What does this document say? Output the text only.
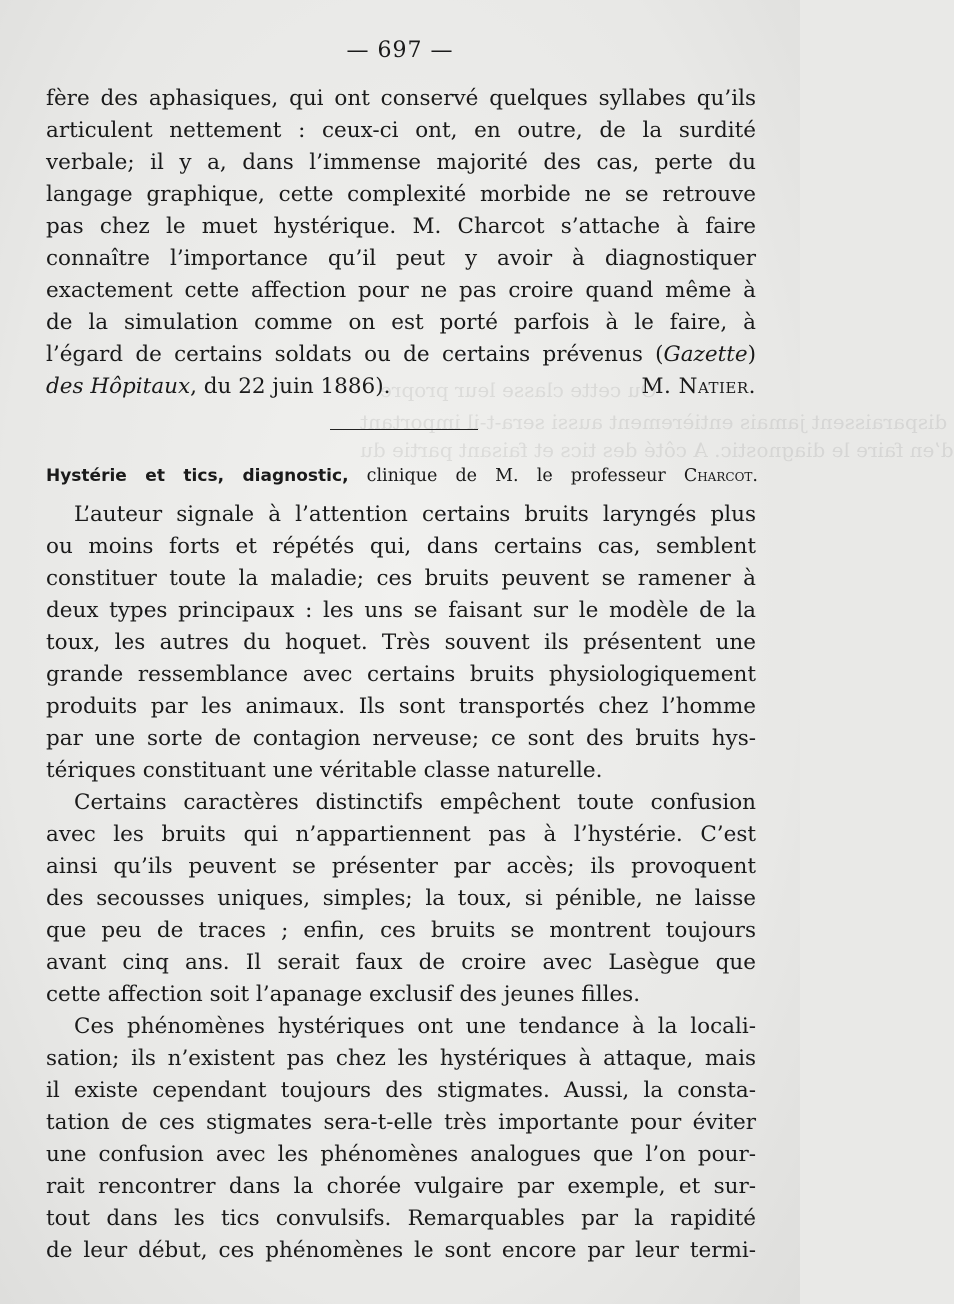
Ou cette classe leur propre
disparaissent jamais entièrement aussi sera-t-il important
d’en faire le diagnostic. A côté des tics et faisant partie du
— 697 —
fère des aphasiques, qui ont conservé quelques syllabes qu’ils
articulent nettement : ceux-ci ont, en outre, de la surdité
verbale; il y a, dans l’immense majorité des cas, perte du
langage graphique, cette complexité morbide ne se retrouve
pas chez le muet hystérique. M. Charcot s’attache à faire
connaître l’importance qu’il peut y avoir à diagnostiquer
exactement cette affection pour ne pas croire quand même à
de la simulation comme on est porté parfois à le faire, à
l’égard de certains soldats ou de certains prévenus (Gazette)
des Hôpitaux, du 22 juin 1886).	M. Natier.
Hystérie et tics, diagnostic, clinique de M. le professeur Charcot.
L’auteur signale à l’attention certains bruits laryngés plus
ou moins forts et répétés qui, dans certains cas, semblent
constituer toute la maladie; ces bruits peuvent se ramener à
deux types principaux : les uns se faisant sur le modèle de la
toux, les autres du hoquet. Très souvent ils présentent une
grande ressemblance avec certains bruits physiologiquement
produits par les animaux. Ils sont transportés chez l’homme
par une sorte de contagion nerveuse; ce sont des bruits hys-
tériques constituant une véritable classe naturelle.
Certains caractères distinctifs empêchent toute confusion
avec les bruits qui n’appartiennent pas à l’hystérie. C’est
ainsi qu’ils peuvent se présenter par accès; ils provoquent
des secousses uniques, simples; la toux, si pénible, ne laisse
que peu de traces ; enfin, ces bruits se montrent toujours
avant cinq ans. Il serait faux de croire avec Lasègue que
cette affection soit l’apanage exclusif des jeunes filles.
Ces phénomènes hystériques ont une tendance à la locali-
sation; ils n’existent pas chez les hystériques à attaque, mais
il existe cependant toujours des stigmates. Aussi, la consta-
tation de ces stigmates sera-t-elle très importante pour éviter
une confusion avec les phénomènes analogues que l’on pour-
rait rencontrer dans la chorée vulgaire par exemple, et sur-
tout dans les tics convulsifs. Remarquables par la rapidité
de leur début, ces phénomènes le sont encore par leur termi-
